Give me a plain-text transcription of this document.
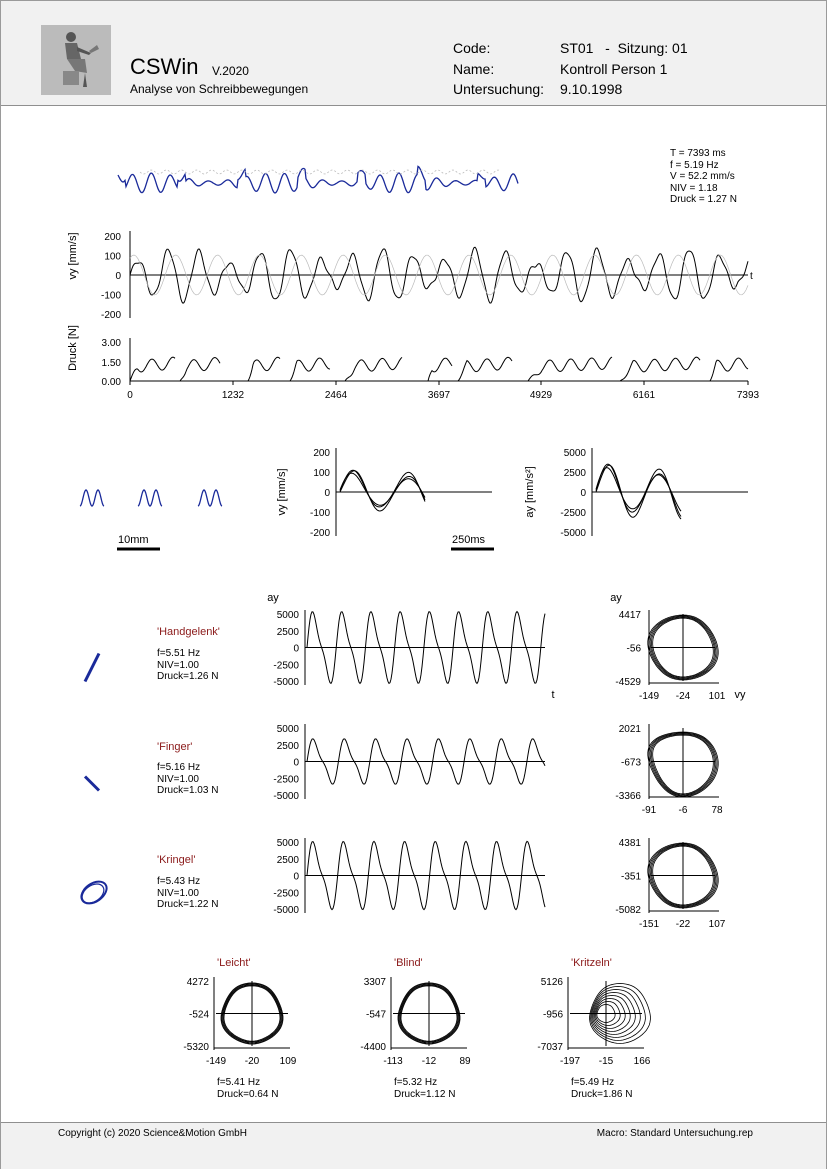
CSWin V.2020
Analyse von Schreibbewegungen
Code:	ST01   -  Sitzung: 01
Name:	Kontroll Person 1
Untersuchung: 9.10.1998
T = 7393 ms
f = 5.19 Hz
V = 52.2 mm/s
NIV = 1.18
Druck = 1.27 N
'Handgelenk'
f=5.51 Hz
NIV=1.00
Druck=1.26 N
'Finger'
f=5.16 Hz
NIV=1.00
Druck=1.03 N
'Kringel'
f=5.43 Hz
NIV=1.00
Druck=1.22 N
'Leicht'	'Blind'	'Kritzeln'
f=5.41 Hz
Druck=0.64 N
f=5.32 Hz
Druck=1.12 N
f=5.49 Hz
Druck=1.86 N
vy [mm/s]	200
100
0
-100
-200
t
Druck [N] 3.00
1.50
0.00
0	1232	2464	3697	4929	6161	7393
10mm	250ms
vy [mm/s]
200
100
0
-100
-200
ay [mm/s²]
5000
2500
0
-2500
-5000
5000
2500
0
-2500
-5000
4417
-56
-4529
-149 -24 101
5000
2500
0
-2500
-5000
2021
-673
-3366
-91 -6 78
5000
2500
0
-2500
-5000
4381
-351
-5082
-151 -22 107
ay
t
ay
vy
4272
-524
-5320
-149 -20 109
3307
-547
-4400
-113 -12 89
5126
-956
-7037
-197 -15 166
Copyright (c) 2020 Science&Motion GmbH	Macro: Standard Untersuchung.rep
